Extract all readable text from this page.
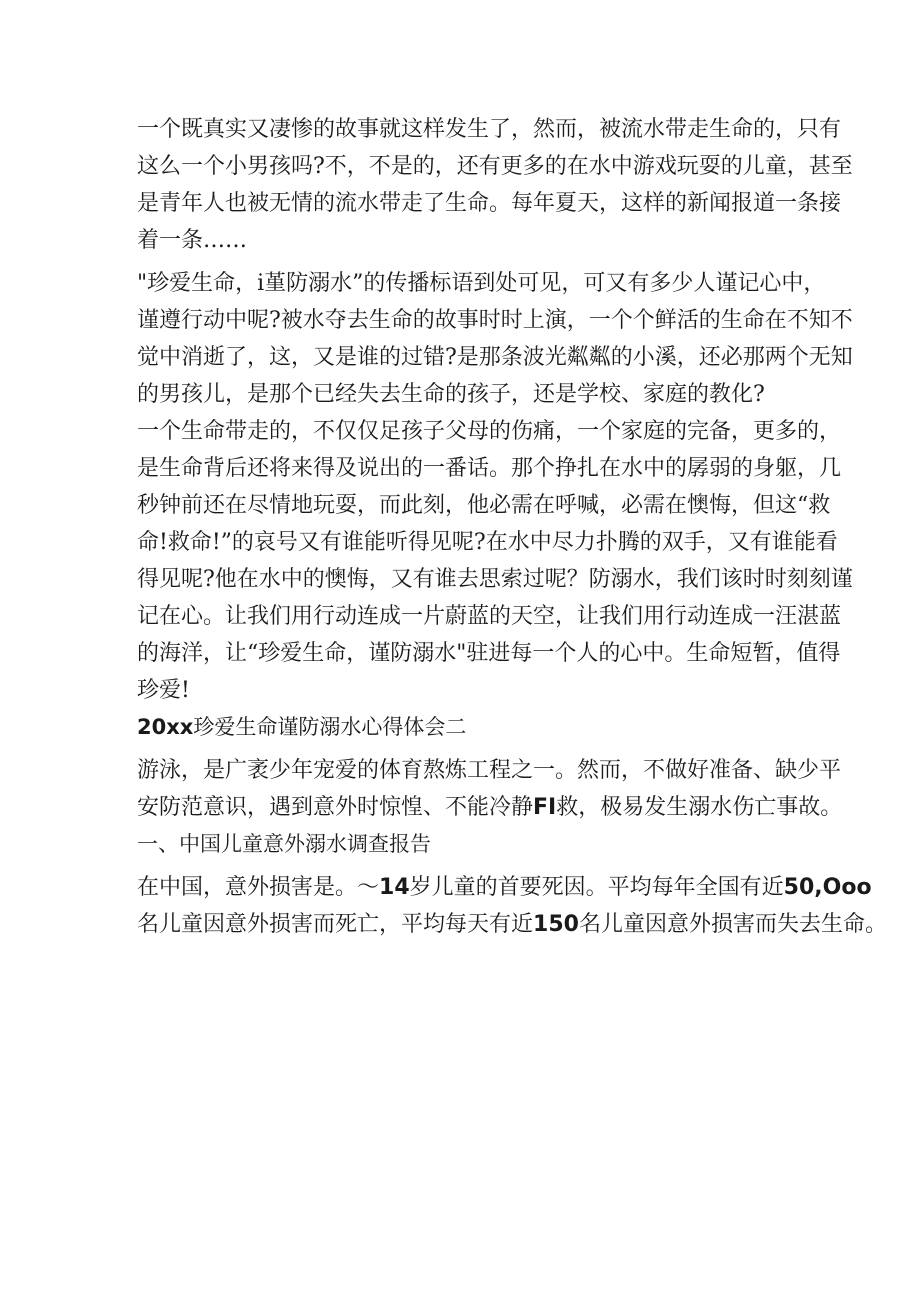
一个既真实又凄惨的故事就这样发生了，然而，被流水带走生命的，只有
这么一个小男孩吗?不，不是的，还有更多的在水中游戏玩耍的儿童，甚至
是青年人也被无情的流水带走了生命。每年夏天，这样的新闻报道一条接
着一条……
"珍爱生命，i堇防溺水”的传播标语到处可见，可又有多少人谨记心中，
谨遵行动中呢?被水夺去生命的故事时时上演，一个个鲜活的生命在不知不
觉中消逝了，这，又是谁的过错?是那条波光粼粼的小溪，还必那两个无知
的男孩儿，是那个已经失去生命的孩子，还是学校、家庭的教化?
一个生命带走的，不仅仅足孩子父母的伤痛，一个家庭的完备，更多的，
是生命背后还将来得及说出的一番话。那个挣扎在水中的孱弱的身躯，几
秒钟前还在尽情地玩耍，而此刻，他必需在呼喊，必需在懊悔，但这“救
命!救命!”的哀号又有谁能听得见呢?在水中尽力扑腾的双手，又有谁能看
得见呢?他在水中的懊悔，又有谁去思索过呢？防溺水，我们该时时刻刻谨
记在心。让我们用行动连成一片蔚蓝的天空，让我们用行动连成一汪湛蓝
的海洋，让“珍爱生命，谨防溺水"驻进每一个人的心中。生命短暂，值得
珍爱!

20xx珍爱生命谨防溺水心得体会二

游泳，是广袤少年宠爱的体育熬炼工程之一。然而，不做好准备、缺少平
安防范意识，遇到意外时惊惶、不能冷静FI救，极易发生溺水伤亡事故。

一、中国儿童意外溺水调查报告

在中国，意外损害是。～14岁儿童的首要死因。平均每年全国有近50,Ooo
名儿童因意外损害而死亡，平均每天有近150名儿童因意外损害而失去生命。
